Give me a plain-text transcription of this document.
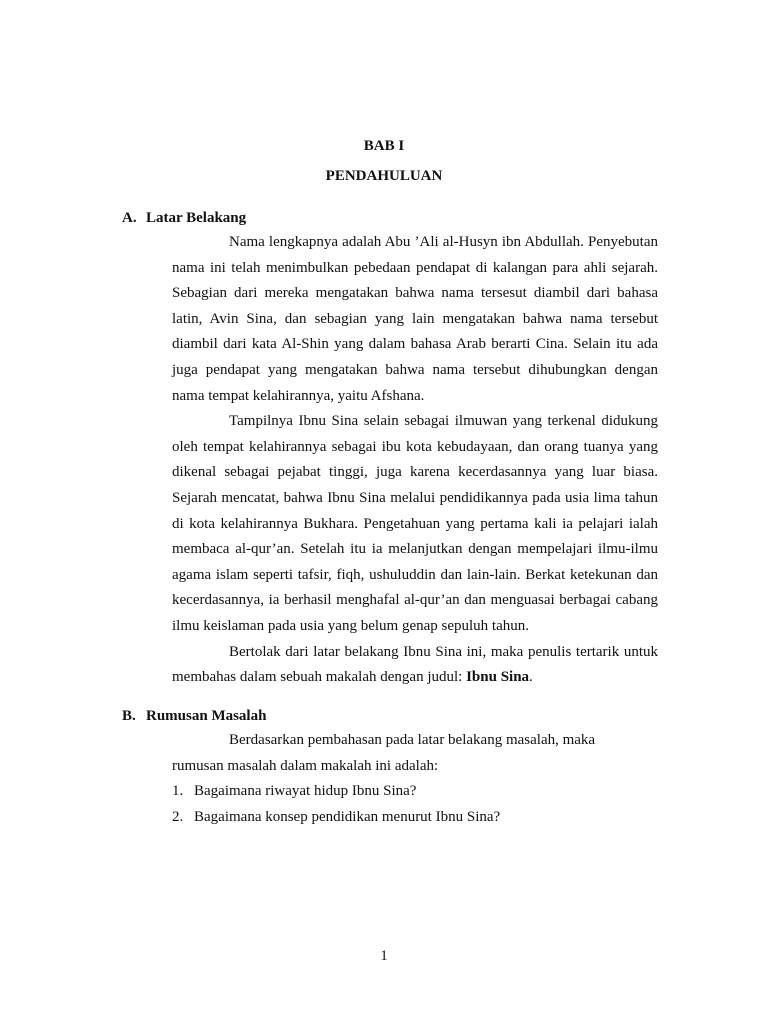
BAB I
PENDAHULUAN
A. Latar Belakang

Nama lengkapnya adalah Abu ’Ali al-Husyn ibn Abdullah. Penyebutan nama ini telah menimbulkan pebedaan pendapat di kalangan para ahli sejarah. Sebagian dari mereka mengatakan bahwa nama tersesut diambil dari bahasa latin, Avin Sina, dan sebagian yang lain mengatakan bahwa nama tersebut diambil dari kata Al-Shin yang dalam bahasa Arab berarti Cina. Selain itu ada juga pendapat yang mengatakan bahwa nama tersebut dihubungkan dengan nama tempat kelahirannya, yaitu Afshana.

Tampilnya Ibnu Sina selain sebagai ilmuwan yang terkenal didukung oleh tempat kelahirannya sebagai ibu kota kebudayaan, dan orang tuanya yang dikenal sebagai pejabat tinggi, juga karena kecerdasannya yang luar biasa. Sejarah mencatat, bahwa Ibnu Sina melalui pendidikannya pada usia lima tahun di kota kelahirannya Bukhara. Pengetahuan yang pertama kali ia pelajari ialah membaca al-qur’an. Setelah itu ia melanjutkan dengan mempelajari ilmu-ilmu agama islam seperti tafsir, fiqh, ushuluddin dan lain-lain. Berkat ketekunan dan kecerdasannya, ia berhasil menghafal al-qur’an dan menguasai berbagai cabang ilmu keislaman pada usia yang belum genap sepuluh tahun.

Bertolak dari latar belakang Ibnu Sina ini, maka penulis tertarik untuk membahas dalam sebuah makalah dengan judul: Ibnu Sina.

B. Rumusan Masalah
Berdasarkan pembahasan pada latar belakang masalah, maka
rumusan masalah dalam makalah ini adalah:
1. Bagaimana riwayat hidup Ibnu Sina?
2. Bagaimana konsep pendidikan menurut Ibnu Sina?
1
